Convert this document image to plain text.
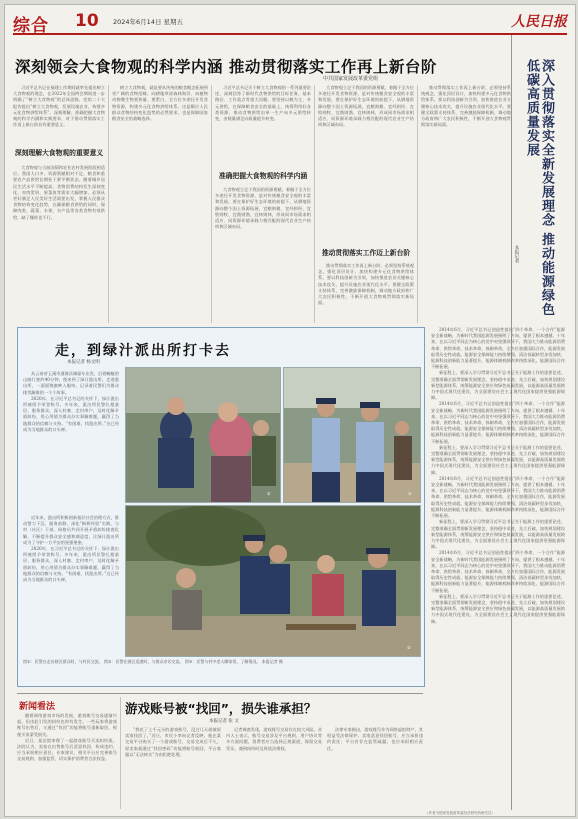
综合 10 2024年6月14日 星期五	人民日报
深刻领会大食物观的科学内涵 推动贯彻落实工作再上新台阶
中共国家发展改革委党组
习近平总书记在福建工作期间就率先提出树立大食物观的理念，在2022年全国两会期间进一步明确了“树立大食物观”的总体思路，党的二十大报告提出“树立大食物观，发展设施农业，构建多元化食物供给体系”。深刻理解、准确把握大食物观的科学内涵和实践要求，对于推动贯彻落实工作再上新台阶具有重要意义。
深刻理解大食物观的重要意义
大食物观与当前国情和农业农村发展阶段相适应。我国人口多、资源禀赋相对不足，粮食和重要农产品供给长期处于紧平衡状态。随着城乡居民生活水平不断提高，食物消费结构发生深刻变化，对肉蛋奶、果菜鱼等需求大幅增加，必须从更好满足人民美好生活需要出发，掌握人民群众食物结构变化趋势，在确保粮食供给的同时，保障肉类、蔬菜、水果、水产品等各类食物有效供给，缺了哪样也不行。
树立大食物观，就是要从传统的粮食概念拓展到更广阔的食物范畴，向耕地草原森林海洋、向植物动物微生物要热量、要蛋白，全方位多途径开发食物资源，构建多元化食物供给体系。这是顺应人民群众食物结构变化趋势的必然要求，也是保障国家粮食安全的战略选择。
习近平总书记关于树立大食物观的一系列重要论述，深刻回答了新时代食物供给的目标任务、基本路径、工作重点等重大问题。要坚持以粮为主、多元供给，在保障粮食安全的基础上，统筹利用好各类资源，推动食物供给由单一生产向多元供给转变，由数量满足向质量提升转变。
准确把握大食物观的科学内涵
大食物观立足于我国的资源禀赋，着眼于全方位多途径开发食物资源，是对传统粮食安全观的丰富和发展。要在保护好生态环境的前提下，从耕地资源向整个国土资源拓展，宜粮则粮、宜经则经、宜牧则牧、宜渔则渔、宜林则林，形成同市场需求相适应、同资源环境承载力相匹配的现代农业生产结构和区域布局。
大食物观立足于我国的资源禀赋，着眼于全方位多途径开发食物资源，是对传统粮食安全观的丰富和发展。要在保护好生态环境的前提下，从耕地资源向整个国土资源拓展，宜粮则粮、宜经则经、宜牧则牧、宜渔则渔、宜林则林，形成同市场需求相适应、同资源环境承载力相匹配的现代农业生产结构和区域布局。
推动贯彻落实工作迈上新台阶
推动贯彻落实工作再上新台阶，必须坚持系统观念，强化顶层设计，加快构建多元化食物供给体系。要以科技创新为引领，加快推进农业关键核心技术攻关，提升设施农业现代化水平。要健全政策支持体系，完善激励保障机制，调动地方政府和广大农民积极性，不断开创大食物观贯彻落实新局面。
推动贯彻落实工作再上新台阶，必须坚持系统观念，强化顶层设计，加快构建多元化食物供给体系。要以科技创新为引领，加快推进农业关键核心技术攻关，提升设施农业现代化水平。要健全政策支持体系，完善激励保障机制，调动地方政府和广大农民积极性，不断开创大食物观贯彻落实新局面。	深入贯彻落实全新发展理念 推动能源绿色低碳高质量发展
本报记者
2014年6月，习近平总书记创造性提出“四个革命、一个合作”能源安全新战略，为新时代我国能源发展指明了方向、提供了根本遵循。十年来，在以习近平同志为核心的党中央坚强领导下，我国大力推动能源消费革命、供给革命、技术革命、体制革命，全方位加强国际合作，能源发展取得历史性成就。能源安全保障能力持续增强，清洁低碳转型步伐加快，能源科技创新能力显著提升，能源体制机制改革持续深化，能源国际合作不断拓展。
新征程上，要深入学习贯彻习近平总书记关于能源工作的重要论述，完整准确全面贯彻新发展理念，坚持稳中求进、先立后破，加快规划建设新型能源体系，统筹能源安全供应和绿色低碳发展，以能源高质量发展助力中国式现代化建设，为全面建设社会主义现代化国家提供坚强能源保障。
2014年6月，习近平总书记创造性提出“四个革命、一个合作”能源安全新战略，为新时代我国能源发展指明了方向、提供了根本遵循。十年来，在以习近平同志为核心的党中央坚强领导下，我国大力推动能源消费革命、供给革命、技术革命、体制革命，全方位加强国际合作，能源发展取得历史性成就。能源安全保障能力持续增强，清洁低碳转型步伐加快，能源科技创新能力显著提升，能源体制机制改革持续深化，能源国际合作不断拓展。
新征程上，要深入学习贯彻习近平总书记关于能源工作的重要论述，完整准确全面贯彻新发展理念，坚持稳中求进、先立后破，加快规划建设新型能源体系，统筹能源安全供应和绿色低碳发展，以能源高质量发展助力中国式现代化建设，为全面建设社会主义现代化国家提供坚强能源保障。
2014年6月，习近平总书记创造性提出“四个革命、一个合作”能源安全新战略，为新时代我国能源发展指明了方向、提供了根本遵循。十年来，在以习近平同志为核心的党中央坚强领导下，我国大力推动能源消费革命、供给革命、技术革命、体制革命，全方位加强国际合作，能源发展取得历史性成就。能源安全保障能力持续增强，清洁低碳转型步伐加快，能源科技创新能力显著提升，能源体制机制改革持续深化，能源国际合作不断拓展。
新征程上，要深入学习贯彻习近平总书记关于能源工作的重要论述，完整准确全面贯彻新发展理念，坚持稳中求进、先立后破，加快规划建设新型能源体系，统筹能源安全供应和绿色低碳发展，以能源高质量发展助力中国式现代化建设，为全面建设社会主义现代化国家提供坚强能源保障。
2014年6月，习近平总书记创造性提出“四个革命、一个合作”能源安全新战略，为新时代我国能源发展指明了方向、提供了根本遵循。十年来，在以习近平同志为核心的党中央坚强领导下，我国大力推动能源消费革命、供给革命、技术革命、体制革命，全方位加强国际合作，能源发展取得历史性成就。能源安全保障能力持续增强，清洁低碳转型步伐加快，能源科技创新能力显著提升，能源体制机制改革持续深化，能源国际合作不断拓展。
新征程上，要深入学习贯彻习近平总书记关于能源工作的重要论述，完整准确全面贯彻新发展理念，坚持稳中求进、先立后破，加快规划建设新型能源体系，统筹能源安全供应和绿色低碳发展，以能源高质量发展助力中国式现代化建设，为全面建设社会主义现代化国家提供坚强能源保障。
走，到绿汁派出所打卡去
本报记者 杨文明
从云南省玉溪市通海县城驱车出发，沿着蜿蜒的山路行驶约40分钟，便来到了绿汁派出所。走进派出所，一面面锦旗映入眼帘，记录着民警们为群众排忧解难的一个个故事。
2020年，在习近平总书记的关怀下，绿汁派出所被授予荣誉称号。多年来，派出所民警扎根基层、服务群众，深入村寨、走村串户，及时化解矛盾纠纷，用心用情为群众办实事解难题，赢得了当地群众的信赖与支持。“有困难，找派出所。”这已经成为当地群众的口头禅。
近年来，派出所积极创新基层社会治理方式，推动警力下沉、服务前移，深化“枫桥经验”实践，与村（社区）干部、网格员共同开展矛盾纠纷排查化解，不断提升群众安全感和满意度，让绿汁派出所成为了守护一方平安的坚强堡垒。
2020年，在习近平总书记的关怀下，绿汁派出所被授予荣誉称号。多年来，派出所民警扎根基层、服务群众，深入村寨、走村串户，及时化解矛盾纠纷，用心用情为群众办实事解难题，赢得了当地群众的信赖与支持。“有困难，找派出所。”这已经成为当地群众的口头禅。
①	②
③
图①：民警在走访辖区群众时，与村民交流。 图②：民警在辖区巡逻时，与群众亲切交谈。 图③：民警与村中老人聊家常，了解情况。 本报记者 摄
新闻看法
随着网络游戏市场的发展，游戏账号交易逐渐兴起，但由此引发的纠纷也时有发生。一些玩家将游戏账号出售后，又通过“找回”功能将账号重新取回，致使买家蒙受损失。
近日，某法院审理了一起游戏账号买卖纠纷案。法院认为，卖家在出售账号后恶意找回，构成违约，应当承担相应责任。专家建议，相关平台应完善账号交易规则，加强监管，切实保护消费者合法权益。
游戏账号被“找回”，损失谁承担？
本报记者 张 文
“我花了上千元买的游戏账号，没过几天就被原卖家找回了。”近日，市民小李向记者反映，他在某交易平台购买了一个游戏账号，交易完成后不久，原卖家就通过“找回密码”功能将账号收回，平台客服以“无法核实”为由拒绝处理。
记者调查发现，游戏账号交易存在较大风险。业内人士表示，账号交易涉及平台规则、用户协议等多方面问题，消费者应当选择正规渠道，保留交易凭证，遇到纠纷时及时依法维权。
法律专家指出，游戏账号作为网络虚拟财产，其权益受法律保护。卖家恶意找回账号，应当承担违约责任；平台若存在监管疏漏，也应承担相应责任。
（作者为国家发展改革委经济研究所研究员）
